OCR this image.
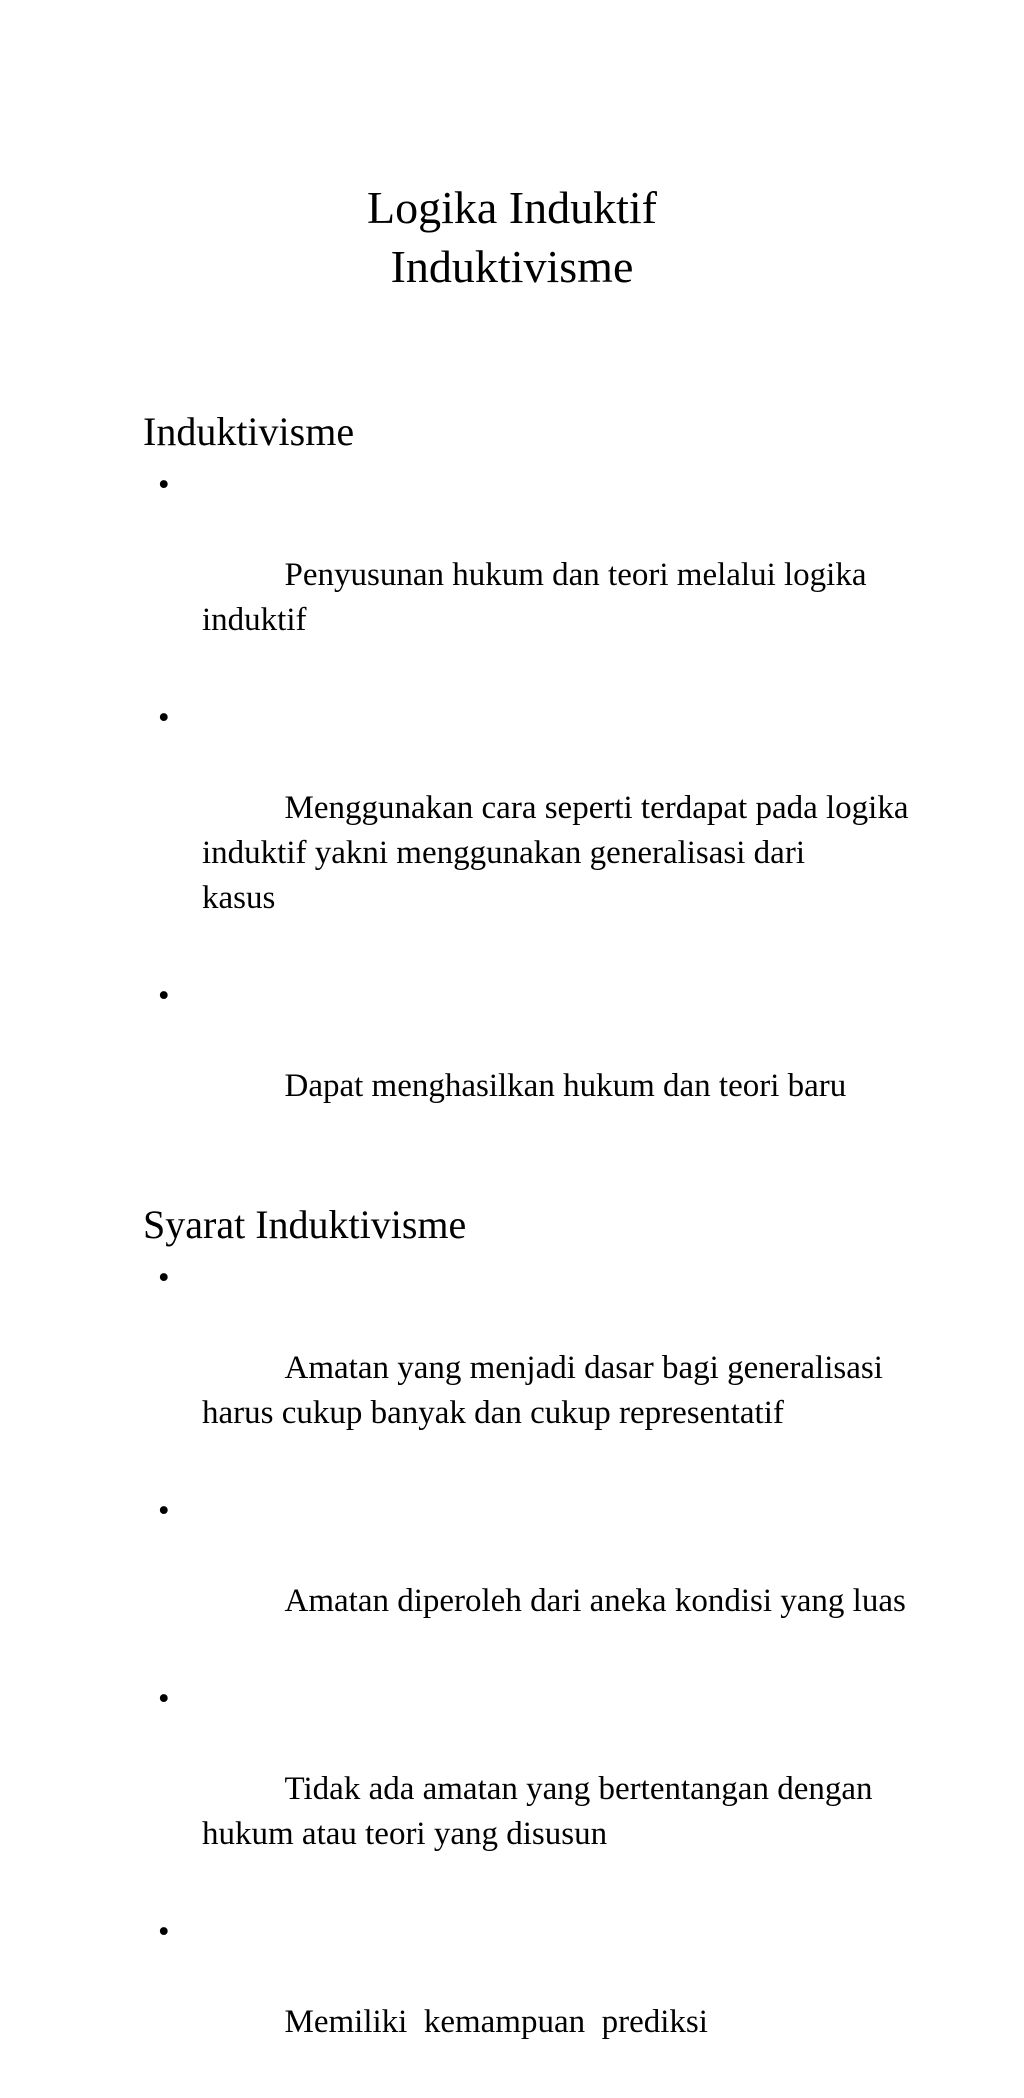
Logika Induktif
Induktivisme
Induktivisme

•

Penyusunan hukum dan teori melalui logika
induktif

•

Menggunakan cara seperti terdapat pada logika
induktif yakni menggunakan generalisasi dari
kasus

•

Dapat menghasilkan hukum dan teori baru

Syarat Induktivisme

•

Amatan yang menjadi dasar bagi generalisasi
harus cukup banyak dan cukup representatif

•

Amatan diperoleh dari aneka kondisi yang luas

•

Tidak ada amatan yang bertentangan dengan
hukum atau teori yang disusun

•

Memiliki  kemampuan  prediksi
